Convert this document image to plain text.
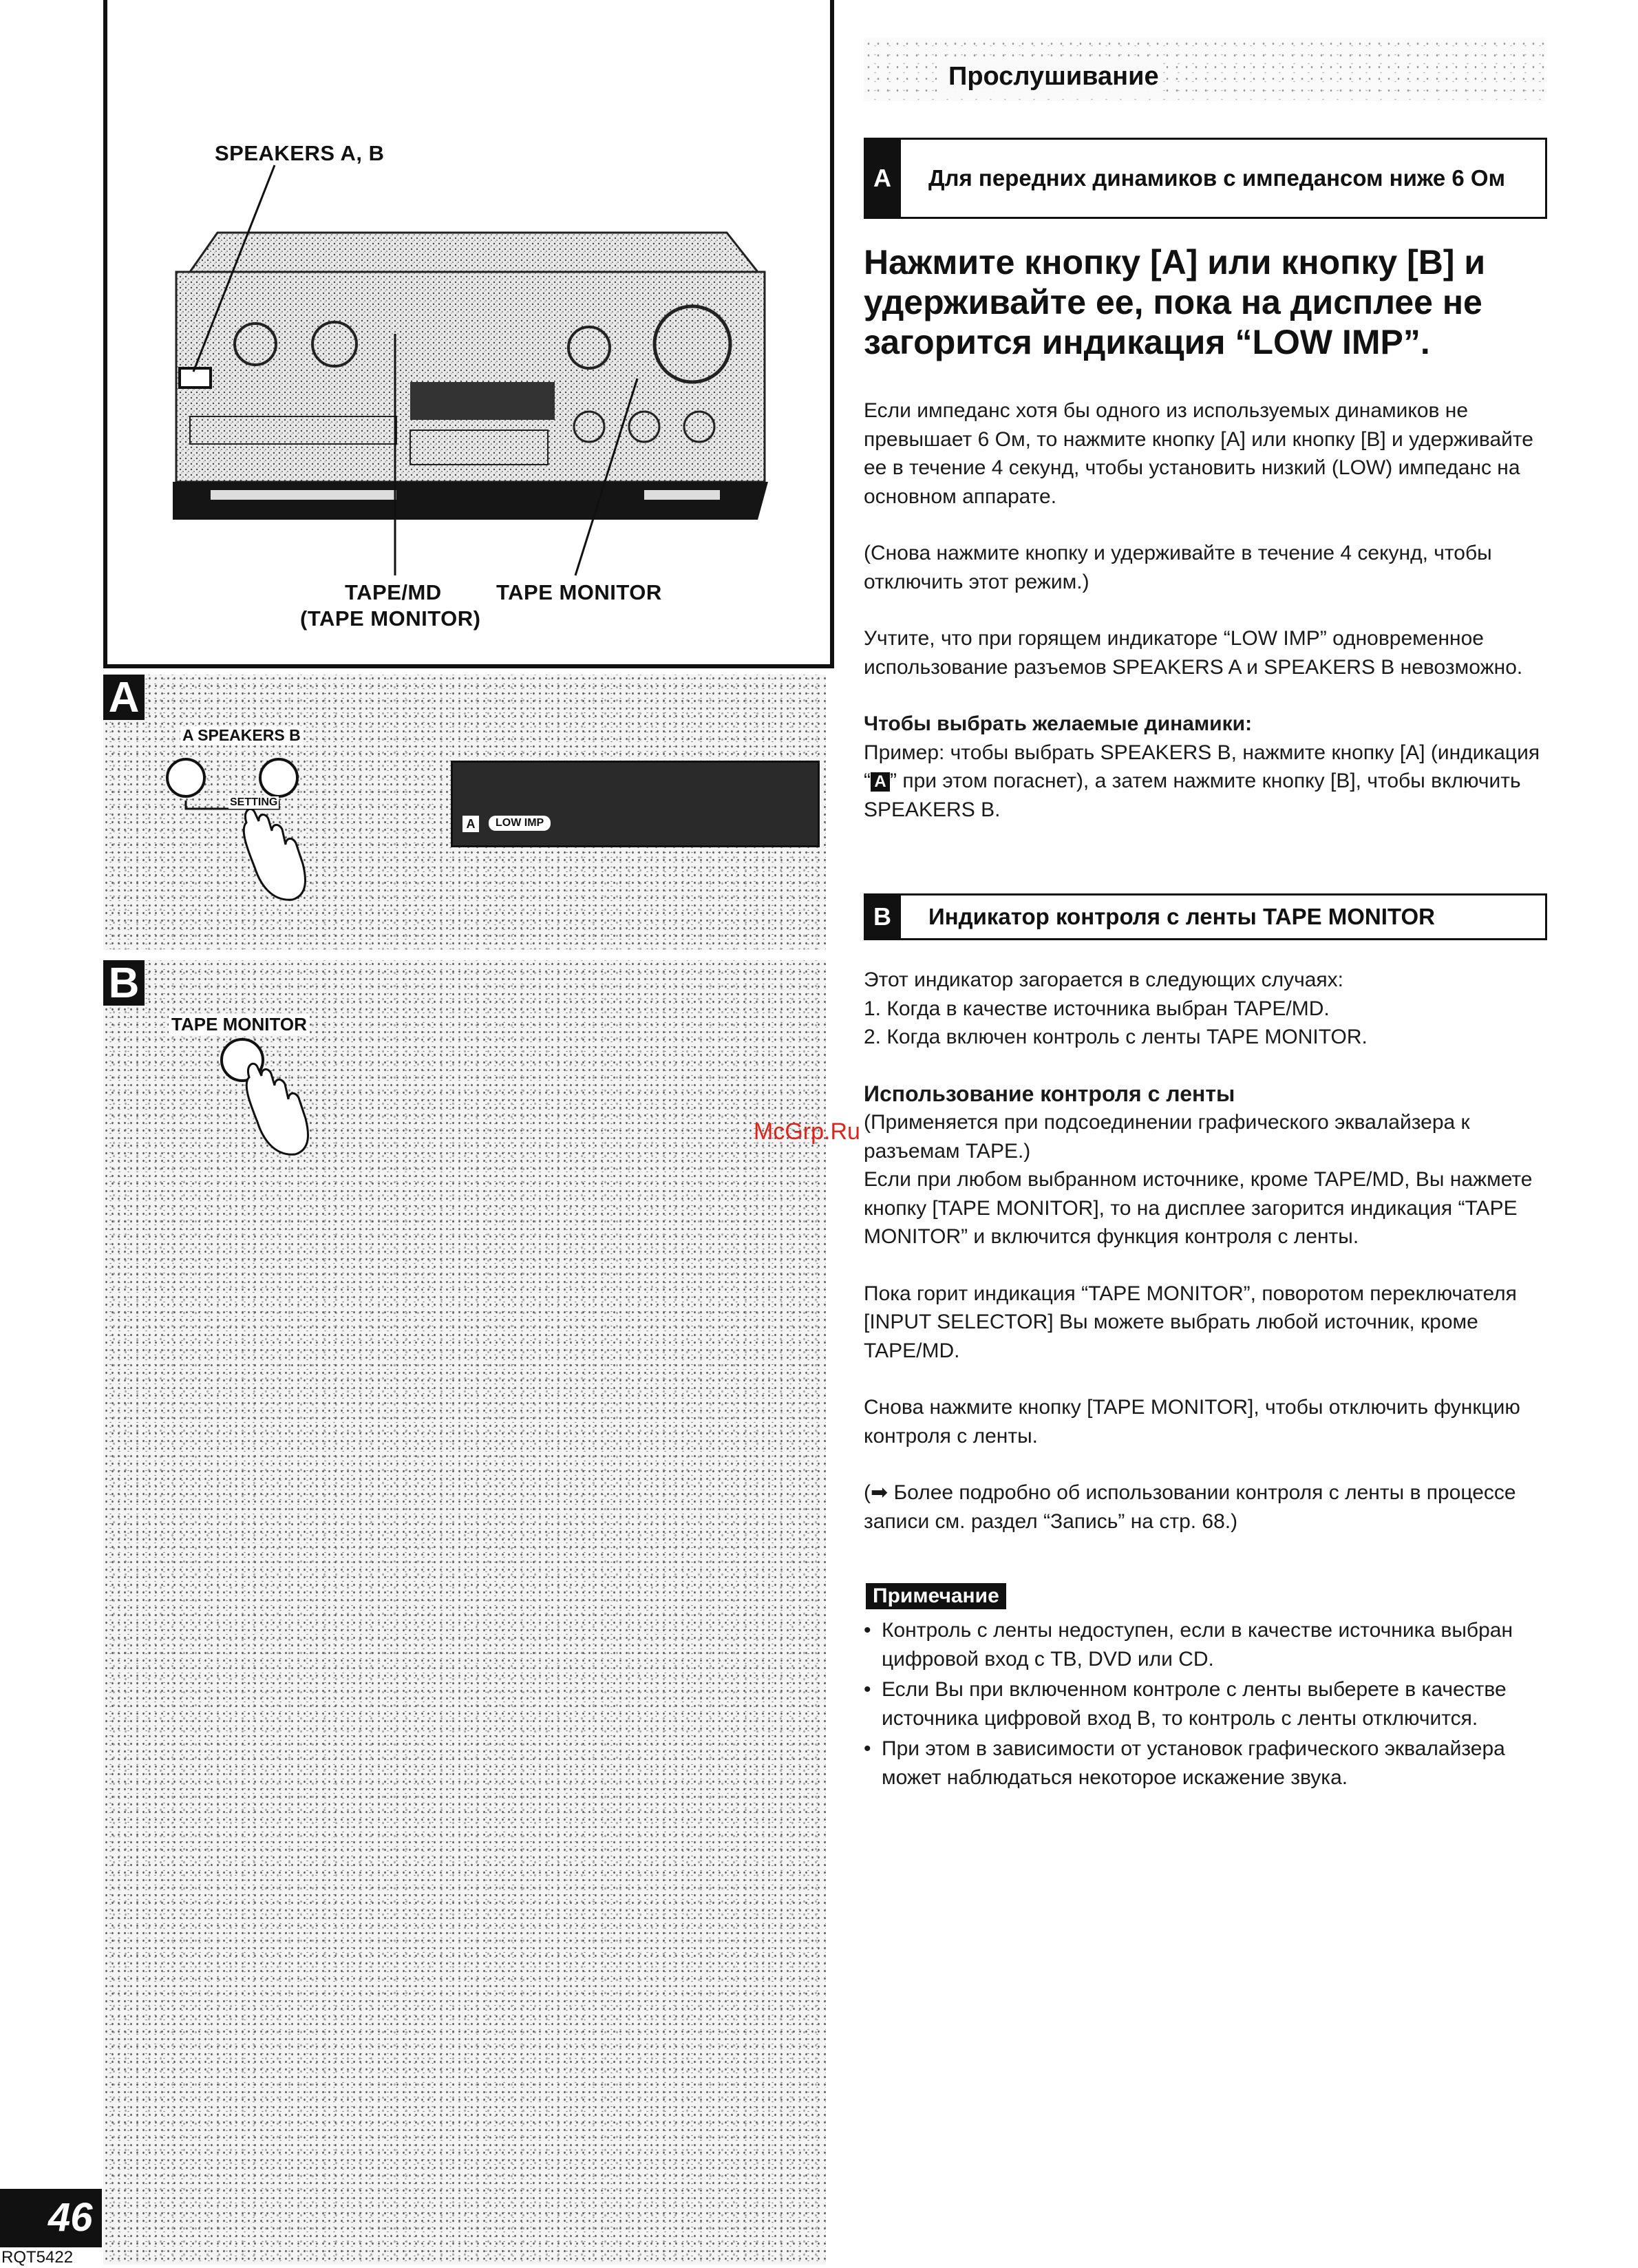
Прослушивание
SPEAKERS A, B
TAPE/MD
(TAPE MONITOR)
TAPE MONITOR
A
A SPEAKERS B
SETTING
A	LOW IMP
B
TAPE MONITOR
46
RQT5422
A	Для передних динамиков с импедансом ниже 6 Ом
Нажмите кнопку [A] или кнопку [B] и удерживайте ее, пока на дисплее не загорится индикация “LOW IMP”.

Если импеданс хотя бы одного из используемых динамиков не превышает 6 Ом, то нажмите кнопку [A] или кнопку [B] и удерживайте ее в течение 4 секунд, чтобы установить низкий (LOW) импеданс на основном аппарате.

(Снова нажмите кнопку и удерживайте в течение 4 секунд, чтобы отключить этот режим.)

Учтите, что при горящем индикаторе “LOW IMP” одновременное использование разъемов SPEAKERS A и SPEAKERS B невозможно.

Чтобы выбрать желаемые динамики:

Пример: чтобы выбрать SPEAKERS B, нажмите кнопку [A] (индикация “ A ” при этом погаснет), а затем нажмите кнопку [B], чтобы включить SPEAKERS B.

B	Индикатор контроля с ленты TAPE MONITOR
Этот индикатор загорается в следующих случаях:
1. Когда в качестве источника выбран TAPE/MD.

2. Когда включен контроль с ленты TAPE MONITOR.

Использование контроля с ленты
(Применяется при подсоединении графического эквалайзера к разъемам TAPE.)

Если при любом выбранном источнике, кроме TAPE/MD, Вы нажмете кнопку [TAPE MONITOR], то на дисплее загорится индикация “TAPE MONITOR” и включится функция контроля с ленты.

Пока горит индикация “TAPE MONITOR”, поворотом переключателя [INPUT SELECTOR] Вы можете выбрать любой источник, кроме TAPE/MD.

Снова нажмите кнопку [TAPE MONITOR], чтобы отключить функцию контроля с ленты.

(➡ Более подробно об использовании контроля с ленты в процессе записи см. раздел “Запись” на стр. 68.)

McGrp.Ru
Примечание
• Контроль с ленты недоступен, если в качестве источника выбран цифровой вход с ТВ, DVD или CD.
• Если Вы при включенном контроле с ленты выберете в качестве источника цифровой вход B, то контроль с ленты отключится.
• При этом в зависимости от установок графического эквалайзера может наблюдаться некоторое искажение звука.
